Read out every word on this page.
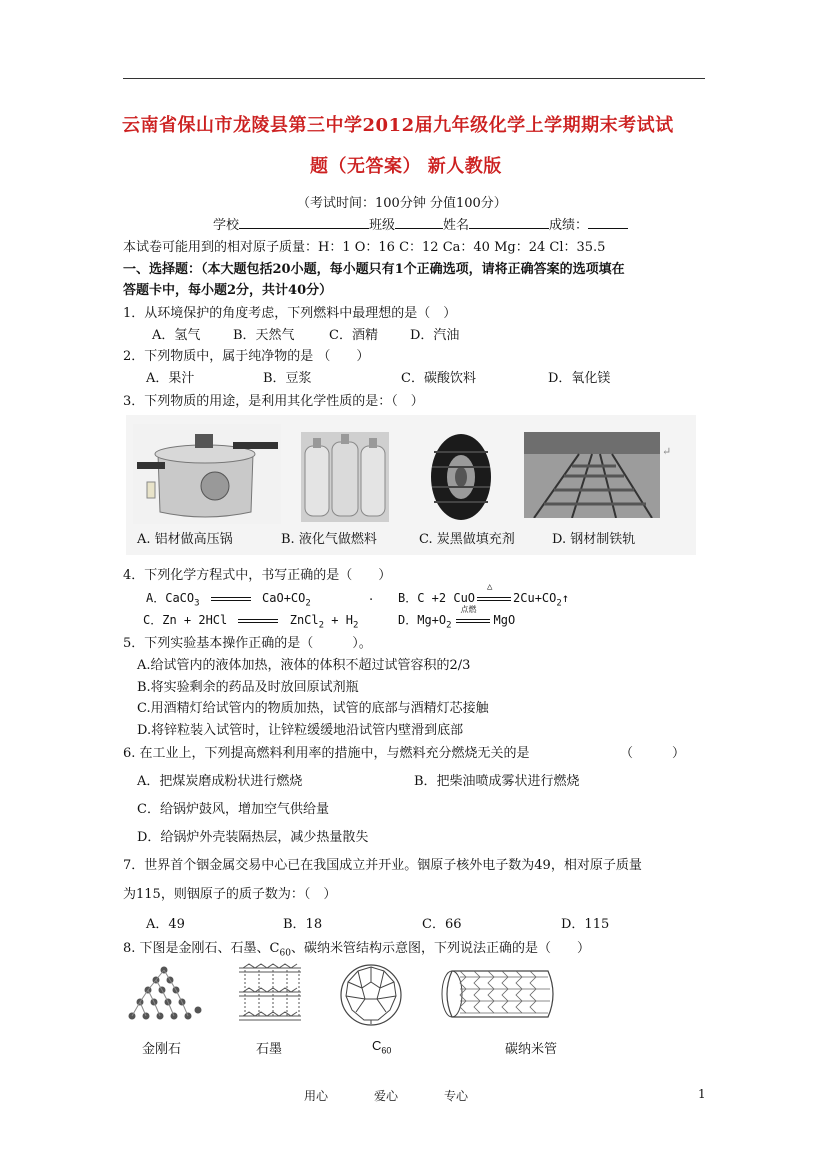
云南省保山市龙陵县第三中学2012届九年级化学上学期期末考试试
题（无答案） 新人教版
（考试时间：100分钟 分值100分）
学校	班级	姓名	成绩：
本试卷可能用到的相对原子质量：H：1 O：16 C：12 Ca：40 Mg：24 Cl：35.5
一、选择题：（本大题包括20小题，每小题只有1个正确选项，请将正确答案的选项填在
答题卡中，每小题2分，共计40分）
1．从环境保护的角度考虑，下列燃料中最理想的是（　）
A．氢气	B．天然气	C．酒精 D．汽油
2．下列物质中，属于纯净物的是 （　　）
A．果汁	B．豆浆	C．碳酸饮料	D．氧化镁
3．下列物质的用途，是利用其化学性质的是：（　）
↵
A. 铝材做高压锅	B. 液化气做燃料	C. 炭黑做填充剂	D. 钢材制铁轨
4．下列化学方程式中，书写正确的是（　　）
A．CaCO$_3$	$CaO+CO_2$	. B．C +2 CuO
△
$2Cu+CO_2↑$
C．Zn + 2HCl	ZnCl$_2$ + $H_2$	D．$Mg+O_2$
点燃
MgO
5．下列实验基本操作正确的是（　　　）。
A.给试管内的液体加热，液体的体积不超过试管容积的2/3
B.将实验剩余的药品及时放回原试剂瓶
C.用酒精灯给试管内的物质加热，试管的底部与酒精灯芯接触
D.将锌粒装入试管时，让锌粒缓缓地沿试管内壁滑到底部
6. 在工业上，下列提高燃料利用率的措施中，与燃料充分燃烧无关的是	（　　　）
A．把煤炭磨成粉状进行燃烧	B．把柴油喷成雾状进行燃烧
C．给锅炉鼓风，增加空气供给量
D．给锅炉外壳装隔热层，减少热量散失
7．世界首个铟金属交易中心已在我国成立并开业。铟原子核外电子数为49，相对原子质量
为115，则铟原子的质子数为：（　）
A．49	B．18	C．66	D．115
8. 下图是金刚石、石墨、$C_{60}$、碳纳米管结构示意图，下列说法正确的是（　　）
金刚石	石墨	$C_{60}$	碳纳米管
用心	爱心	专心	1
